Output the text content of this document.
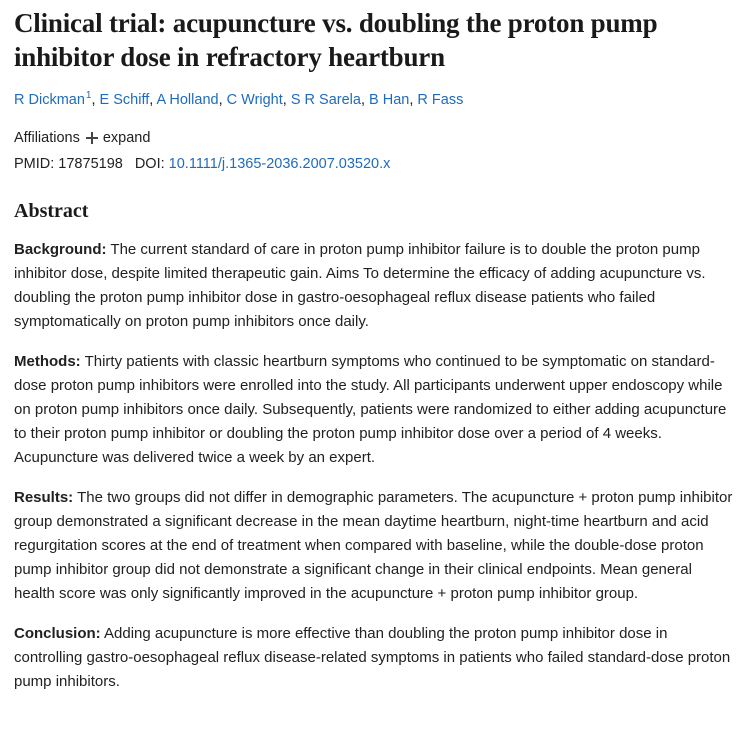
Clinical trial: acupuncture vs. doubling the proton pump inhibitor dose in refractory heartburn
R Dickman$^1$, E Schiff, A Holland, C Wright, S R Sarela, B Han, R Fass
Affiliations expand
PMID: 17875198 DOI: 10.1111/j.1365-2036.2007.03520.x
Abstract

Background: The current standard of care in proton pump inhibitor failure is to double the proton pump inhibitor dose, despite limited therapeutic gain. Aims To determine the efficacy of adding acupuncture vs. doubling the proton pump inhibitor dose in gastro-oesophageal reflux disease patients who failed symptomatically on proton pump inhibitors once daily.

Methods: Thirty patients with classic heartburn symptoms who continued to be symptomatic on standard-dose proton pump inhibitors were enrolled into the study. All participants underwent upper endoscopy while on proton pump inhibitors once daily. Subsequently, patients were randomized to either adding acupuncture to their proton pump inhibitor or doubling the proton pump inhibitor dose over a period of 4 weeks. Acupuncture was delivered twice a week by an expert.

Results: The two groups did not differ in demographic parameters. The acupuncture + proton pump inhibitor group demonstrated a significant decrease in the mean daytime heartburn, night-time heartburn and acid regurgitation scores at the end of treatment when compared with baseline, while the double-dose proton pump inhibitor group did not demonstrate a significant change in their clinical endpoints. Mean general health score was only significantly improved in the acupuncture + proton pump inhibitor group.

Conclusion: Adding acupuncture is more effective than doubling the proton pump inhibitor dose in controlling gastro-oesophageal reflux disease-related symptoms in patients who failed standard-dose proton pump inhibitors.
